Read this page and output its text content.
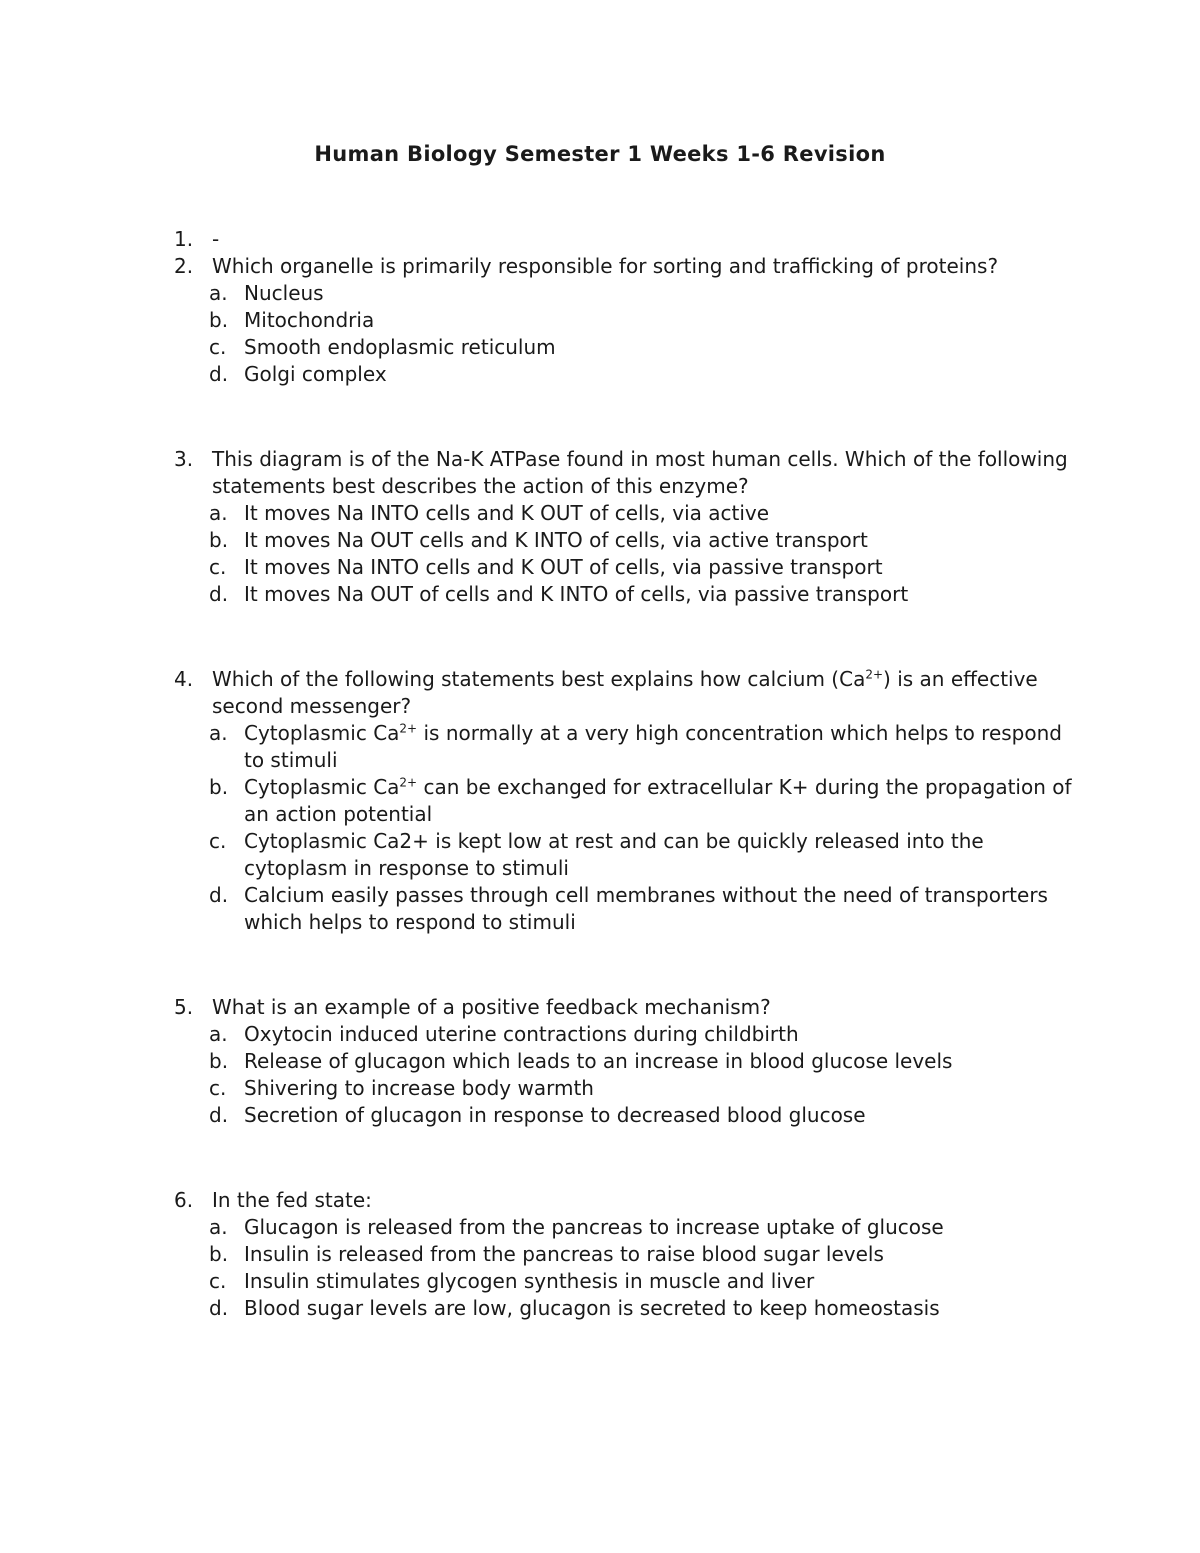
Human Biology Semester 1 Weeks 1-6 Revision
1. -
2. Which organelle is primarily responsible for sorting and trafficking of proteins?
a. Nucleus
b. Mitochondria
c. Smooth endoplasmic reticulum
d. Golgi complex
3. This diagram is of the Na-K ATPase found in most human cells. Which of the following statements best describes the action of this enzyme?
a. It moves Na INTO cells and K OUT of cells, via active
b. It moves Na OUT cells and K INTO of cells, via active transport
c. It moves Na INTO cells and K OUT of cells, via passive transport
d. It moves Na OUT of cells and K INTO of cells, via passive transport
4. Which of the following statements best explains how calcium $(Ca^{2+})$ is an effective second messenger?
a. Cytoplasmic $Ca^{2+}$ is normally at a very high concentration which helps to respond to stimuli
b. Cytoplasmic $Ca^{2+}$ can be exchanged for extracellular K+ during the propagation of an action potential
c. Cytoplasmic Ca2+ is kept low at rest and can be quickly released into the cytoplasm in response to stimuli
d. Calcium easily passes through cell membranes without the need of transporters which helps to respond to stimuli
5. What is an example of a positive feedback mechanism?
a. Oxytocin induced uterine contractions during childbirth
b. Release of glucagon which leads to an increase in blood glucose levels
c. Shivering to increase body warmth
d. Secretion of glucagon in response to decreased blood glucose
6. In the fed state:
a. Glucagon is released from the pancreas to increase uptake of glucose
b. Insulin is released from the pancreas to raise blood sugar levels
c. Insulin stimulates glycogen synthesis in muscle and liver
d. Blood sugar levels are low, glucagon is secreted to keep homeostasis
